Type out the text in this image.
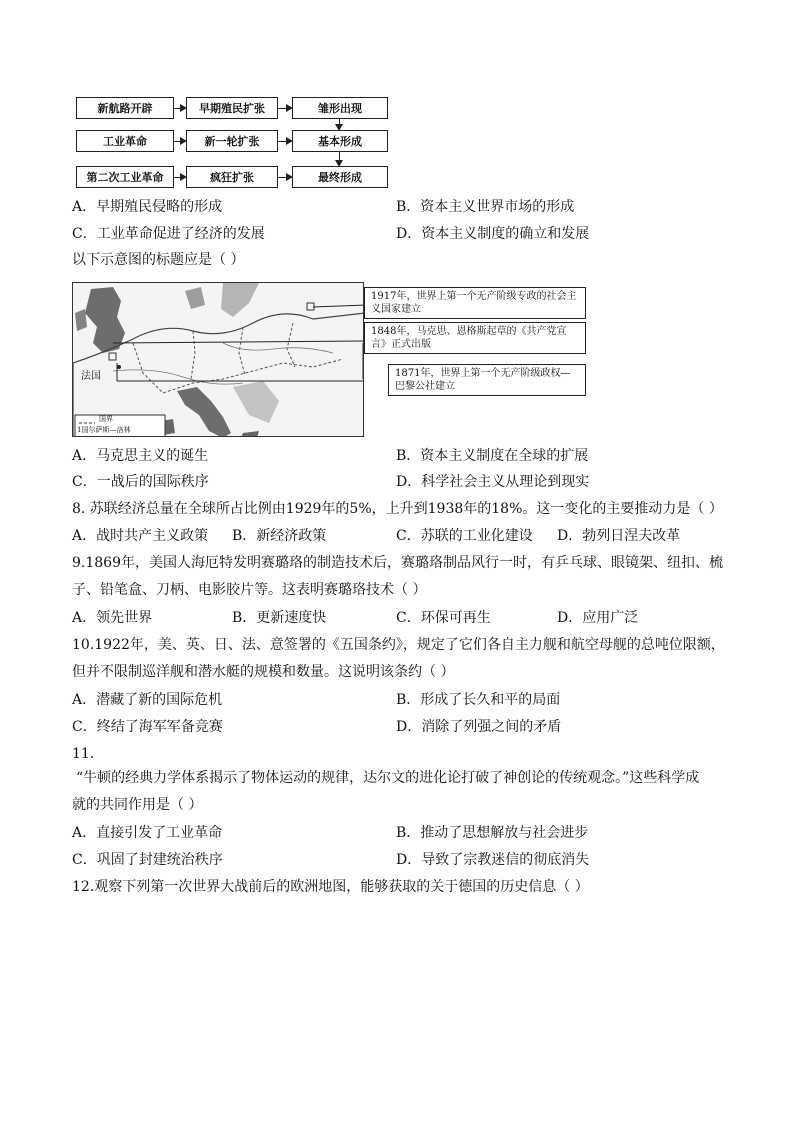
新航路开辟	早期殖民扩张	雏形出现
工业革命	新一轮扩张	基本形成
第二次工业革命	疯狂扩张	最终形成
A．早期殖民侵略的形成	B．资本主义世界市场的形成
C．工业革命促进了经济的发展	D．资本主义制度的确立和发展
以下示意图的标题应是（ ）
法国
国界
1国尔萨斯—洛林
1917年，世界上第一个无产阶级专政的社会主义国家建立
1848年，马克思、恩格斯起草的《共产党宣言》正式出版
1871年，世界上第一个无产阶级政权—巴黎公社建立
A．马克思主义的诞生	B．资本主义制度在全球的扩展
C．一战后的国际秩序	D．科学社会主义从理论到现实
8. 苏联经济总量在全球所占比例由1929年的5%，上升到1938年的18%。这一变化的主要推动力是（ ）
A．战时共产主义政策 B．新经济政策	C．苏联的工业化建设 D．勃列日涅夫改革
9.1869年，美国人海厄特发明赛璐珞的制造技术后，赛璐珞制品风行一时，有乒乓球、眼镜架、纽扣、梳
子、铅笔盒、刀柄、电影胶片等。这表明赛璐珞技术（ ）
A．领先世界	B．更新速度快	C．环保可再生	D．应用广泛
10.1922年，美、英、日、法、意签署的《五国条约》，规定了它们各自主力舰和航空母舰的总吨位限额，
但并不限制巡洋舰和潜水艇的规模和数量。这说明该条约（ ）
A．潜藏了新的国际危机	B．形成了长久和平的局面
C．终结了海军军备竞赛	D．消除了列强之间的矛盾
11.
“牛顿的经典力学体系揭示了物体运动的规律，达尔文的进化论打破了神创论的传统观念。”这些科学成
就的共同作用是（ ）
A．直接引发了工业革命	B．推动了思想解放与社会进步
C．巩固了封建统治秩序	D．导致了宗教迷信的彻底消失
12.观察下列第一次世界大战前后的欧洲地图，能够获取的关于德国的历史信息（ ）
